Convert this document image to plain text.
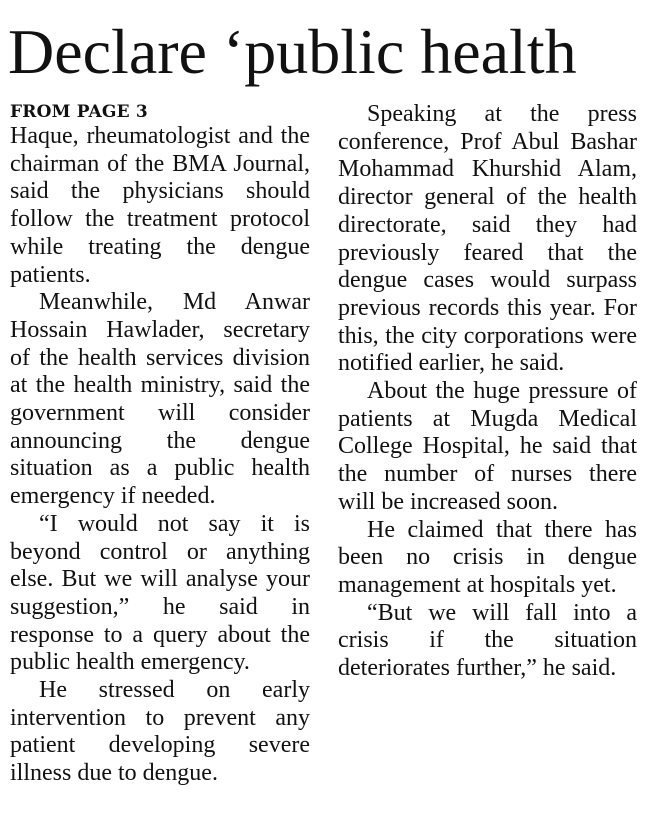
Declare ‘public health
FROM PAGE 3

Haque, rheumatologist and the chairman of the BMA Journal, said the physicians should follow the treatment protocol while treating the dengue patients.

Meanwhile, Md Anwar Hossain Hawlader, secretary of the health services division at the health ministry, said the government will consider announcing the dengue situation as a public health emergency if needed.

“I would not say it is beyond control or anything else. But we will analyse your suggestion,” he said in response to a query about the public health emergency.

He stressed on early intervention to prevent any patient developing severe illness due to dengue.

Speaking at the press conference, Prof Abul Bashar Mohammad Khurshid Alam, director general of the health directorate, said they had previously feared that the dengue cases would surpass previous records this year. For this, the city corporations were notified earlier, he said.

About the huge pressure of patients at Mugda Medical College Hospital, he said that the number of nurses there will be increased soon.

He claimed that there has been no crisis in dengue management at hospitals yet.

“But we will fall into a crisis if the situation deteriorates further,” he said.
